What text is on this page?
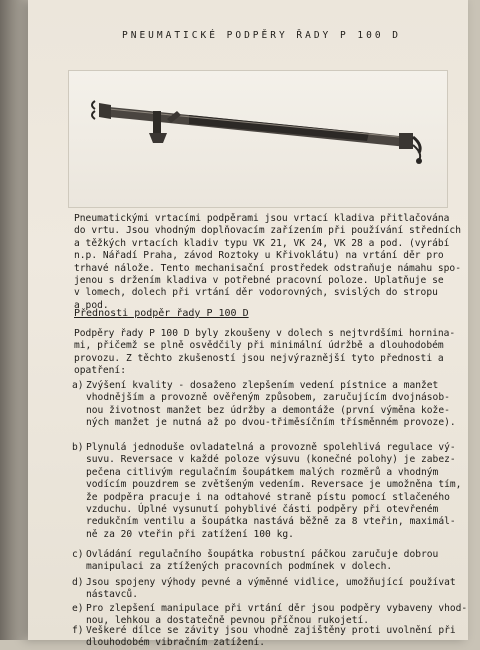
PNEUMATICKÉ PODPĚRY ŘADY P 100 D
Pneumatickými vrtacími podpěrami jsou vrtací kladiva přitlačována
do vrtu. Jsou vhodným doplňovacím zařízením při používání středních
a těžkých vrtacích kladiv typu VK 21, VK 24, VK 28 a pod. (vyrábí
n.p. Nářadí Praha, závod Roztoky u Křivoklátu) na vrtání děr pro
trhavé nálože. Tento mechanisační prostředek odstraňuje námahu spo-
jenou s držením kladiva v potřebné pracovní poloze. Uplatňuje se
v lomech, dolech při vrtání děr vodorovných, svislých do stropu
a pod.
Přednosti podpěr řady P 100 D
Podpěry řady P 100 D byly zkoušeny v dolech s nejtvrdšími hornina-
mi, přičemž se plně osvědčily při minimální údržbě a dlouhodobém
provozu. Z těchto zkušeností jsou nejvýraznější tyto přednosti a
opatření:
a) Zvýšení kvality - dosaženo zlepšením vedení pístnice a manžet
vhodnějším a provozně ověřeným způsobem, zaručujícím dvojnásob-
nou životnost manžet bez údržby a demontáže (první výměna kože-
ných manžet je nutná až po dvou-třiměsíčním třísměnném provoze).
b) Plynulá jednoduše ovladatelná a provozně spolehlivá regulace vý-
suvu. Reversace v každé poloze výsuvu (konečné polohy) je zabez-
pečena citlivým regulačním šoupátkem malých rozměrů a vhodným
vodícím pouzdrem se zvětšeným vedením. Reversace je umožněna tím,
že podpěra pracuje i na odtahové straně pístu pomocí stlačeného
vzduchu. Úplné vysunutí pohyblivé části podpěry při otevřeném
redukčním ventilu a šoupátka nastává běžně za 8 vteřin, maximál-
ně za 20 vteřin při zatížení 100 kg.
c) Ovládání regulačního šoupátka robustní páčkou zaručuje dobrou
manipulaci za ztížených pracovních podmínek v dolech.
d) Jsou spojeny výhody pevné a výměnné vidlice, umožňující používat
nástavců.
e) Pro zlepšení manipulace při vrtání děr jsou podpěry vybaveny vhod-
nou, lehkou a dostatečně pevnou příčnou rukojetí.
f) Veškeré dílce se závity jsou vhodně zajištěny proti uvolnění při
dlouhodobém vibračním zatížení.
